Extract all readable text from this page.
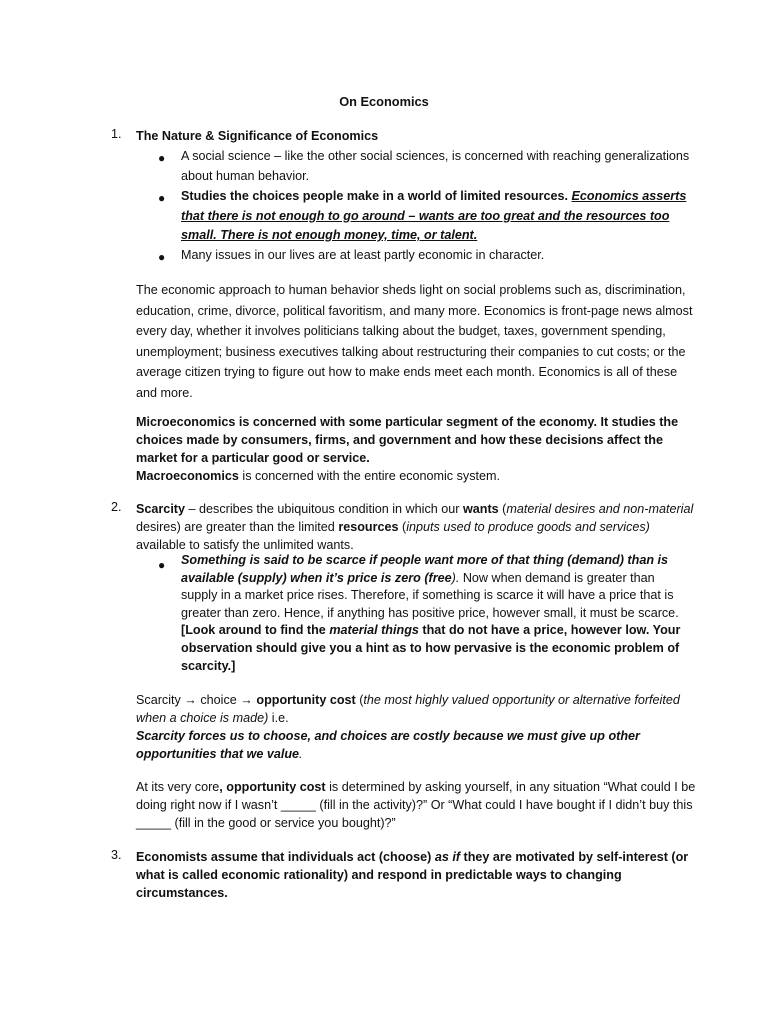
On Economics
1. The Nature & Significance of Economics
● A social science – like the other social sciences, is concerned with reaching generalizations about human behavior.
● Studies the choices people make in a world of limited resources. Economics asserts that there is not enough to go around – wants are too great and the resources too small. There is not enough money, time, or talent.
● Many issues in our lives are at least partly economic in character.
The economic approach to human behavior sheds light on social problems such as, discrimination, education, crime, divorce, political favoritism, and many more. Economics is front-page news almost every day, whether it involves politicians talking about the budget, taxes, government spending, unemployment; business executives talking about restructuring their companies to cut costs; or the average citizen trying to figure out how to make ends meet each month. Economics is all of these and more.
Microeconomics is concerned with some particular segment of the economy. It studies the choices made by consumers, firms, and government and how these decisions affect the market for a particular good or service.
Macroeconomics is concerned with the entire economic system.
2. Scarcity – describes the ubiquitous condition in which our wants (material desires and non-material desires) are greater than the limited resources (inputs used to produce goods and services) available to satisfy the unlimited wants.
● Something is said to be scarce if people want more of that thing (demand) than is available (supply) when it’s price is zero (free). Now when demand is greater than supply in a market price rises. Therefore, if something is scarce it will have a price that is greater than zero. Hence, if anything has positive price, however small, it must be scarce. [Look around to find the material things that do not have a price, however low. Your observation should give you a hint as to how pervasive is the economic problem of scarcity.]
Scarcity → choice → opportunity cost (the most highly valued opportunity or alternative forfeited when a choice is made) i.e.
Scarcity forces us to choose, and choices are costly because we must give up other opportunities that we value.
At its very core, opportunity cost is determined by asking yourself, in any situation “What could I be doing right now if I wasn’t _____ (fill in the activity)?” Or “What could I have bought if I didn’t buy this _____ (fill in the good or service you bought)?”
3. Economists assume that individuals act (choose) as if they are motivated by self-interest (or what is called economic rationality) and respond in predictable ways to changing circumstances.
